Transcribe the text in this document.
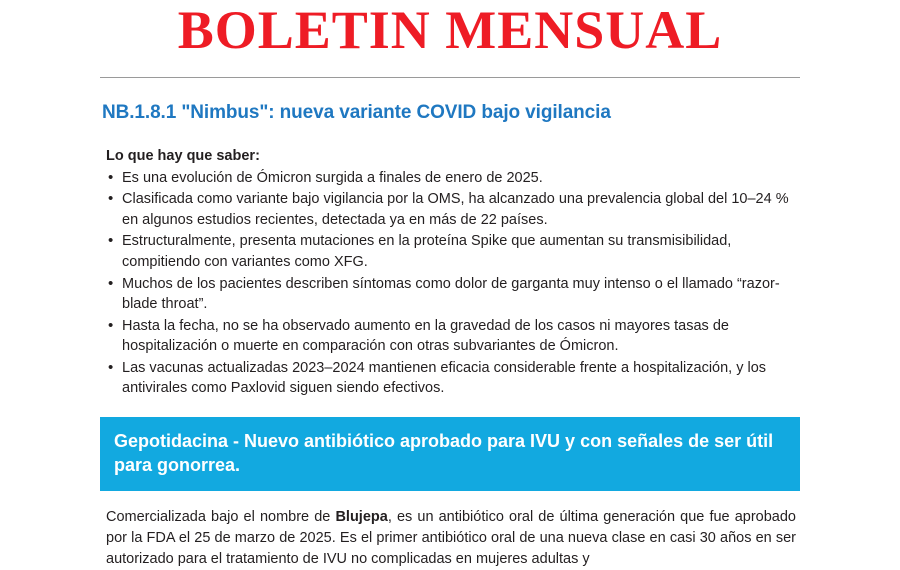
BOLETIN MENSUAL
NB.1.8.1 "Nimbus": nueva variante COVID bajo vigilancia
Lo que hay que saber:
• Es una evolución de Ómicron surgida a finales de enero de 2025.
• Clasificada como variante bajo vigilancia por la OMS, ha alcanzado una prevalencia global del 10–24 % en algunos estudios recientes, detectada ya en más de 22 países.
• Estructuralmente, presenta mutaciones en la proteína Spike que aumentan su transmisibilidad, compitiendo con variantes como XFG.
• Muchos de los pacientes describen síntomas como dolor de garganta muy intenso o el llamado “razor-blade throat”.
• Hasta la fecha, no se ha observado aumento en la gravedad de los casos ni mayores tasas de hospitalización o muerte en comparación con otras subvariantes de Ómicron.
• Las vacunas actualizadas 2023–2024 mantienen eficacia considerable frente a hospitalización, y los antivirales como Paxlovid siguen siendo efectivos.
Gepotidacina - Nuevo antibiótico aprobado para IVU y con señales de ser útil para gonorrea.
Comercializada bajo el nombre de Blujepa, es un antibiótico oral de última generación que fue aprobado por la FDA el 25 de marzo de 2025. Es el primer antibiótico oral de una nueva clase en casi 30 años en ser autorizado para el tratamiento de IVU no complicadas en mujeres adultas y
